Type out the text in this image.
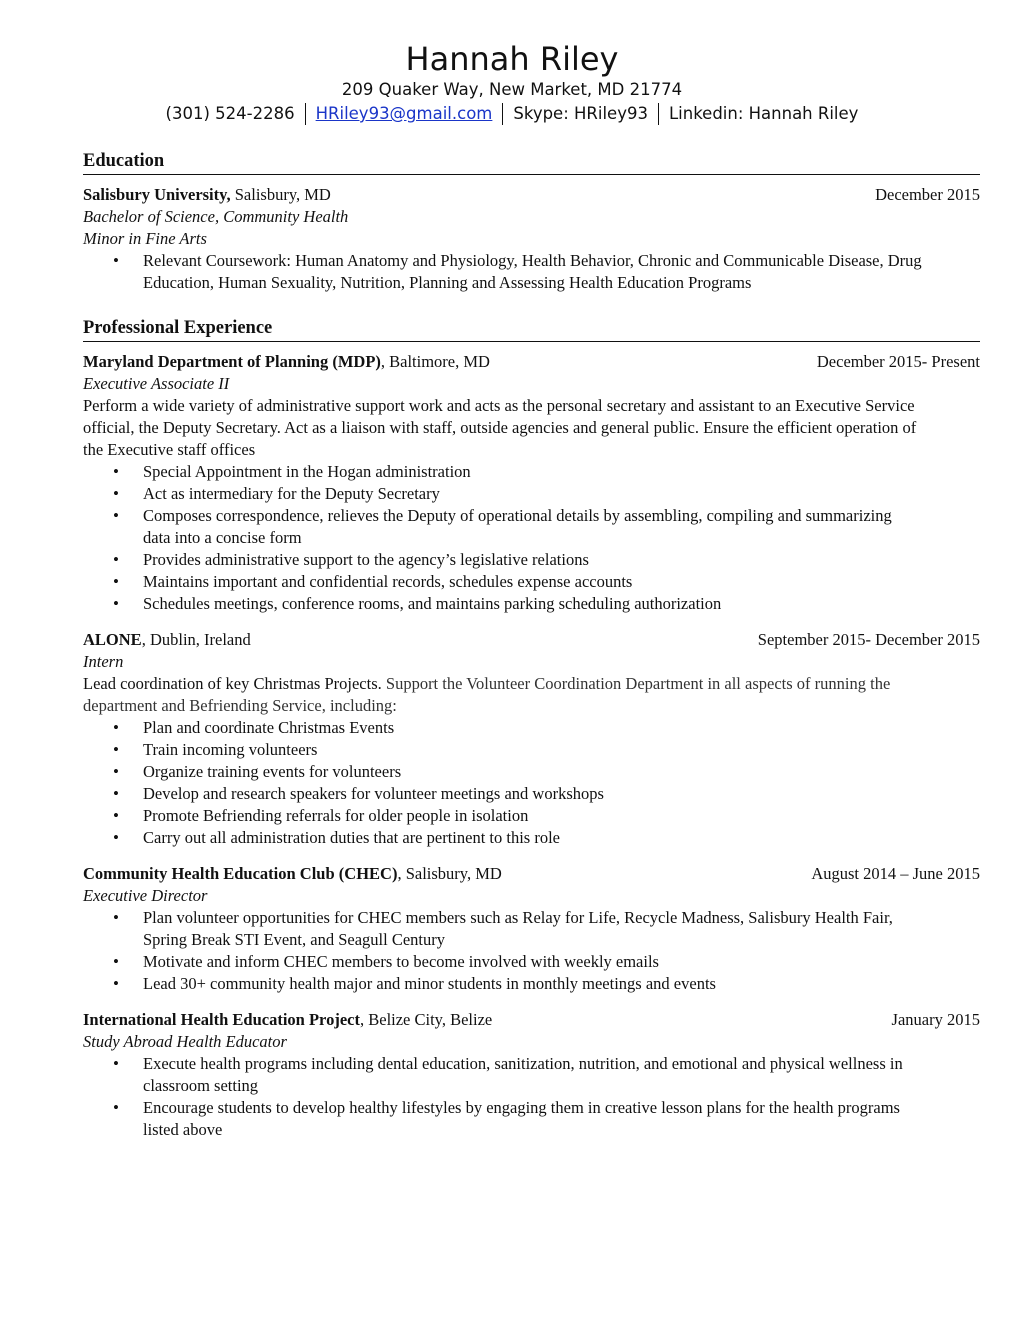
Hannah Riley
209 Quaker Way, New Market, MD 21774
(301) 524-2286 HRiley93@gmail.com Skype: HRiley93 Linkedin: Hannah Riley
Education
Salisbury University, Salisbury, MD	December 2015
Bachelor of Science, Community Health
Minor in Fine Arts
• Relevant Coursework: Human Anatomy and Physiology, Health Behavior, Chronic and Communicable Disease, Drug Education, Human Sexuality, Nutrition, Planning and Assessing Health Education Programs
Professional Experience
Maryland Department of Planning (MDP), Baltimore, MD	December 2015- Present
Executive Associate II
Perform a wide variety of administrative support work and acts as the personal secretary and assistant to an Executive Service official, the Deputy Secretary. Act as a liaison with staff, outside agencies and general public. Ensure the efficient operation of the Executive staff offices
• Special Appointment in the Hogan administration
• Act as intermediary for the Deputy Secretary
• Composes correspondence, relieves the Deputy of operational details by assembling, compiling and summarizing data into a concise form
• Provides administrative support to the agency’s legislative relations
• Maintains important and confidential records, schedules expense accounts
• Schedules meetings, conference rooms, and maintains parking scheduling authorization
ALONE, Dublin, Ireland	September 2015- December 2015
Intern
Lead coordination of key Christmas Projects. Support the Volunteer Coordination Department in all aspects of running the department and Befriending Service, including:
• Plan and coordinate Christmas Events
• Train incoming volunteers
• Organize training events for volunteers
• Develop and research speakers for volunteer meetings and workshops
• Promote Befriending referrals for older people in isolation
• Carry out all administration duties that are pertinent to this role
Community Health Education Club (CHEC), Salisbury, MD	August 2014 – June 2015
Executive Director
• Plan volunteer opportunities for CHEC members such as Relay for Life, Recycle Madness, Salisbury Health Fair, Spring Break STI Event, and Seagull Century
• Motivate and inform CHEC members to become involved with weekly emails
• Lead 30+ community health major and minor students in monthly meetings and events
International Health Education Project, Belize City, Belize	January 2015
Study Abroad Health Educator
• Execute health programs including dental education, sanitization, nutrition, and emotional and physical wellness in classroom setting
• Encourage students to develop healthy lifestyles by engaging them in creative lesson plans for the health programs listed above
